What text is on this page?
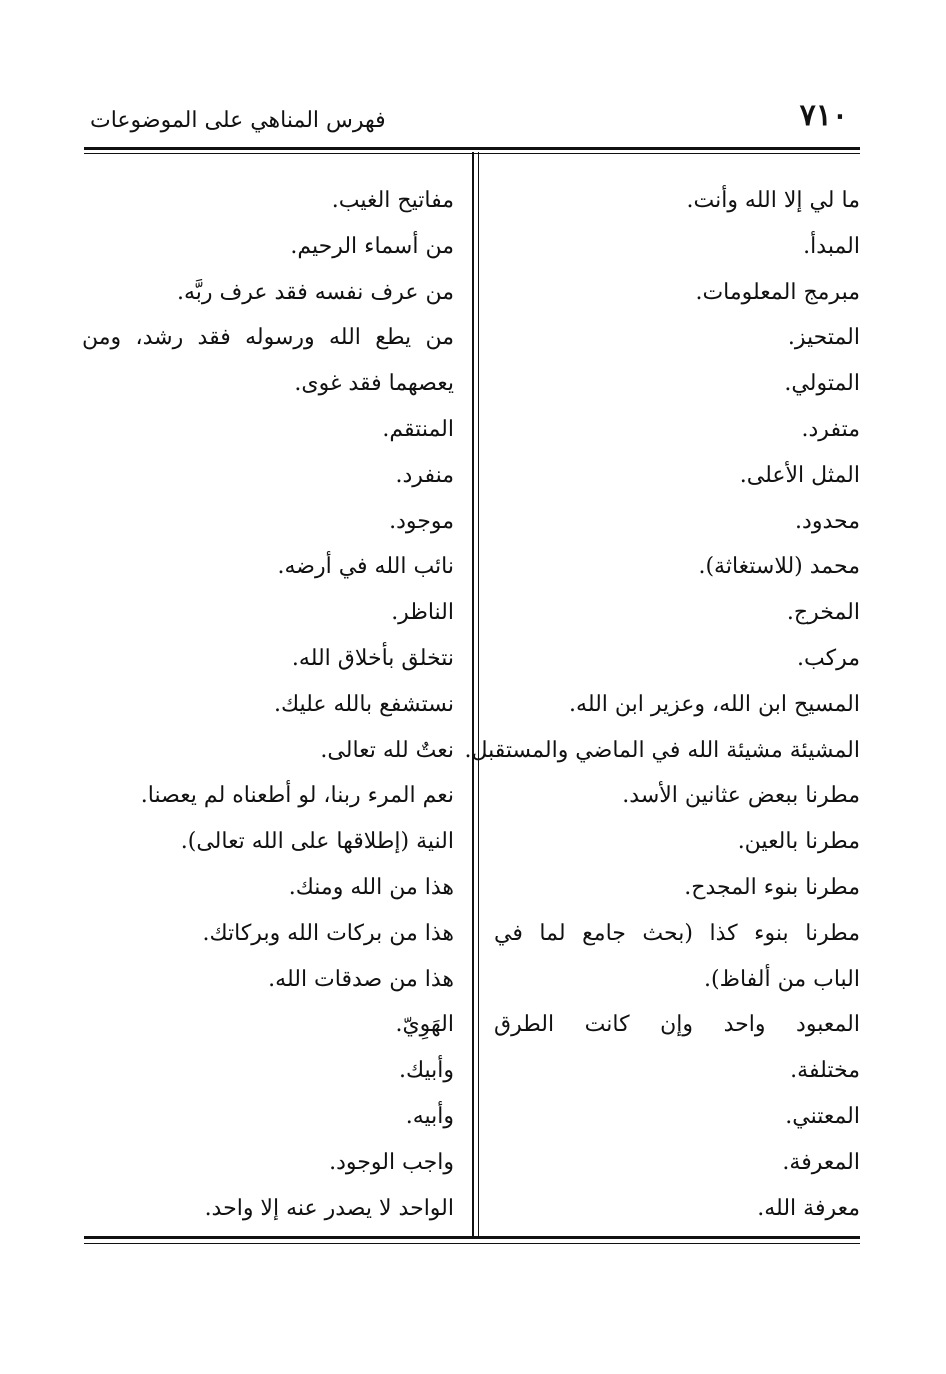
٧١٠
فهرس المناهي على الموضوعات
ما لي إلا الله وأنت.
المبدأ.
مبرمج المعلومات.
المتحيز.
المتولي.
متفرد.
المثل الأعلى.
محدود.
محمد (للاستغاثة).
المخرج.
مركب.
المسيح ابن الله، وعزير ابن الله.
المشيئة مشيئة الله في الماضي والمستقبل.
مطرنا ببعض عثانين الأسد.
مطرنا بالعين.
مطرنا بنوء المجدح.
مطرنا بنوء كذا (بحث جامع لما في
الباب من ألفاظ).
المعبود واحد وإن كانت الطرق
مختلفة.
المعتني.
المعرفة.
معرفة الله.
مفاتيح الغيب.
من أسماء الرحيم.
من عرف نفسه فقد عرف ربَّه.
من يطع الله ورسوله فقد رشد، ومن
يعصهما فقد غوى.
المنتقم.
منفرد.
موجود.
نائب الله في أرضه.
الناظر.
نتخلق بأخلاق الله.
نستشفع بالله عليك.
نعتٌ لله تعالى.
نعم المرء ربنا، لو أطعناه لم يعصنا.
النية (إطلاقها على الله تعالى).
هذا من الله ومنك.
هذا من بركات الله وبركاتك.
هذا من صدقات الله.
الهَوِيّ.
وأبيك.
وأبيه.
واجب الوجود.
الواحد لا يصدر عنه إلا واحد.
